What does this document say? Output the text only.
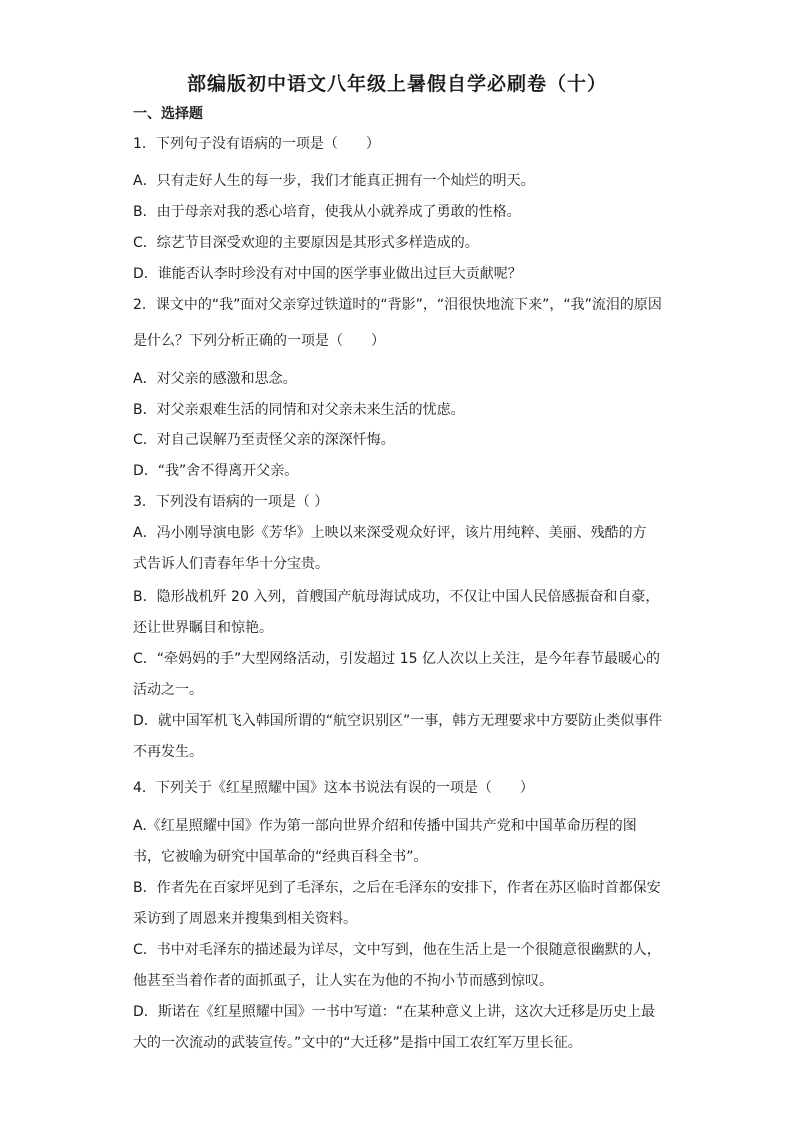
部编版初中语文八年级上暑假自学必刷卷（十）
一、选择题
1．下列句子没有语病的一项是（　　）
A．只有走好人生的每一步，我们才能真正拥有一个灿烂的明天。
B．由于母亲对我的悉心培育，使我从小就养成了勇敢的性格。
C．综艺节目深受欢迎的主要原因是其形式多样造成的。
D．谁能否认李时珍没有对中国的医学事业做出过巨大贡献呢？
2．课文中的“我”面对父亲穿过铁道时的“背影”，“泪很快地流下来”，“我”流泪的原因
是什么？下列分析正确的一项是（　　）
A．对父亲的感激和思念。
B．对父亲艰难生活的同情和对父亲未来生活的忧虑。
C．对自己误解乃至责怪父亲的深深忏悔。
D．“我”舍不得离开父亲。
3．下列没有语病的一项是（ ）
A．冯小刚导演电影《芳华》上映以来深受观众好评，该片用纯粹、美丽、残酷的方
式告诉人们青春年华十分宝贵。
B．隐形战机歼 20 入列，首艘国产航母海试成功，不仅让中国人民倍感振奋和自豪，
还让世界瞩目和惊艳。
C．“牵妈妈的手”大型网络活动，引发超过 15 亿人次以上关注，是今年春节最暖心的
活动之一。
D．就中国军机飞入韩国所谓的“航空识别区”一事，韩方无理要求中方要防止类似事件
不再发生。
4．下列关于《红星照耀中国》这本书说法有误的一项是（　　）
A.《红星照耀中国》作为第一部向世界介绍和传播中国共产党和中国革命历程的图
书，它被喻为研究中国革命的“经典百科全书”。
B．作者先在百家坪见到了毛泽东，之后在毛泽东的安排下，作者在苏区临时首都保安
采访到了周恩来并搜集到相关资料。
C．书中对毛泽东的描述最为详尽，文中写到，他在生活上是一个很随意很幽默的人，
他甚至当着作者的面抓虱子，让人实在为他的不拘小节而感到惊叹。
D．斯诺在《红星照耀中国》一书中写道：“在某种意义上讲，这次大迁移是历史上最
大的一次流动的武装宣传。”文中的“大迁移”是指中国工农红军万里长征。
